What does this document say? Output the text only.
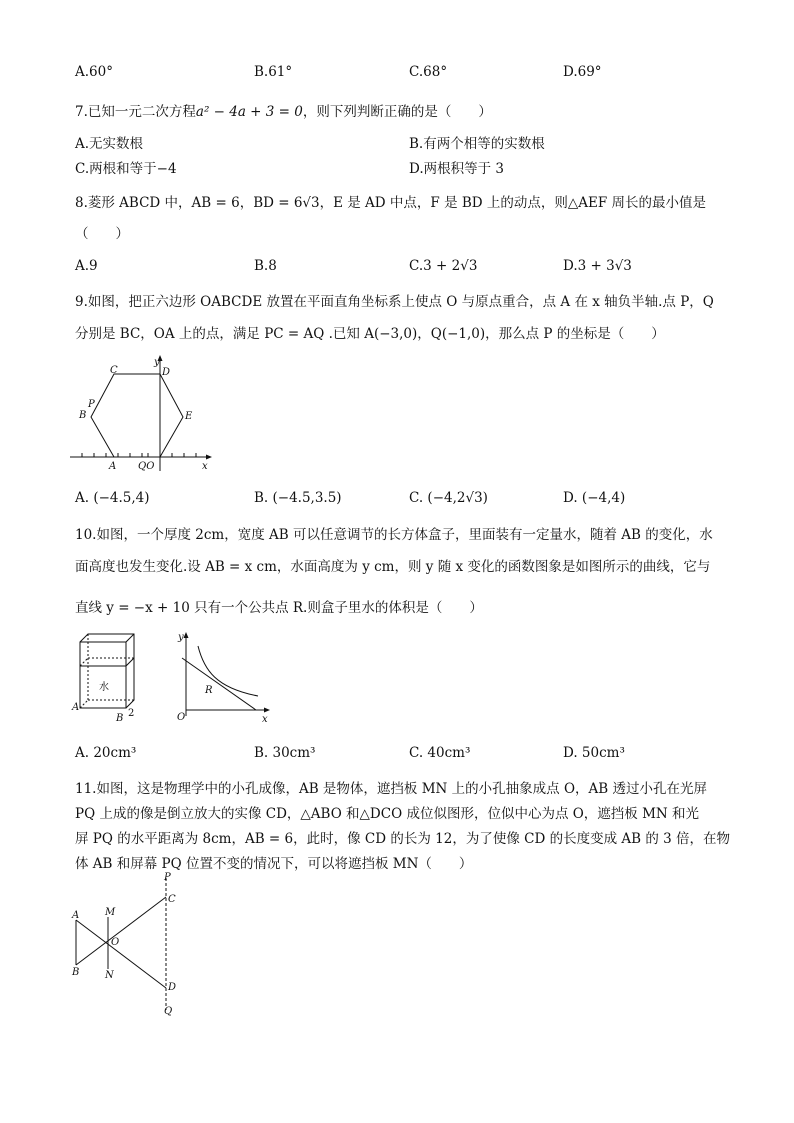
A.60°	B.61°	C.68°	D.69°
7.已知一元二次方程a² − 4a + 3 = 0，则下列判断正确的是（　　）
A.无实数根	B.有两个相等的实数根
C.两根和等于−4	D.两根积等于 3
8.菱形 ABCD 中，AB = 6，BD = 6√3，E 是 AD 中点，F 是 BD 上的动点，则△AEF 周长的最小值是
（　　）
A.9	B.8	C.3 + 2√3	D.3 + 3√3
9.如图，把正六边形 OABCDE 放置在平面直角坐标系上使点 O 与原点重合，点 A 在 x 轴负半轴.点 P，Q
分别是 BC，OA 上的点，满足 PC = AQ .已知 A(−3,0)，Q(−1,0)，那么点 P 的坐标是（　　）
C	D
y
P
B	E
A QO	x
A. (−4.5,4)	B. (−4.5,3.5)	C. (−4,2√3)	D. (−4,4)
10.如图，一个厚度 2cm，宽度 AB 可以任意调节的长方体盒子，里面装有一定量水，随着 AB 的变化，水
面高度也发生变化.设 AB = x cm，水面高度为 y cm，则 y 随 x 变化的函数图象是如图所示的曲线，它与
直线 y = −x + 10 只有一个公共点 R.则盒子里水的体积是（　　）
水
A
B 2
y
x
O
R
A. 20cm³	B. 30cm³	C. 40cm³	D. 50cm³
11.如图，这是物理学中的小孔成像，AB 是物体，遮挡板 MN 上的小孔抽象成点 O，AB 透过小孔在光屏
PQ 上成的像是倒立放大的实像 CD，△ABO 和△DCO 成位似图形，位似中心为点 O，遮挡板 MN 和光
屏 PQ 的水平距离为 8cm，AB = 6，此时，像 CD 的长为 12，为了使像 CD 的长度变成 AB 的 3 倍，在物
体 AB 和屏幕 PQ 位置不变的情况下，可以将遮挡板 MN（　　）
A
B
M
N
O
P
C
D
Q
